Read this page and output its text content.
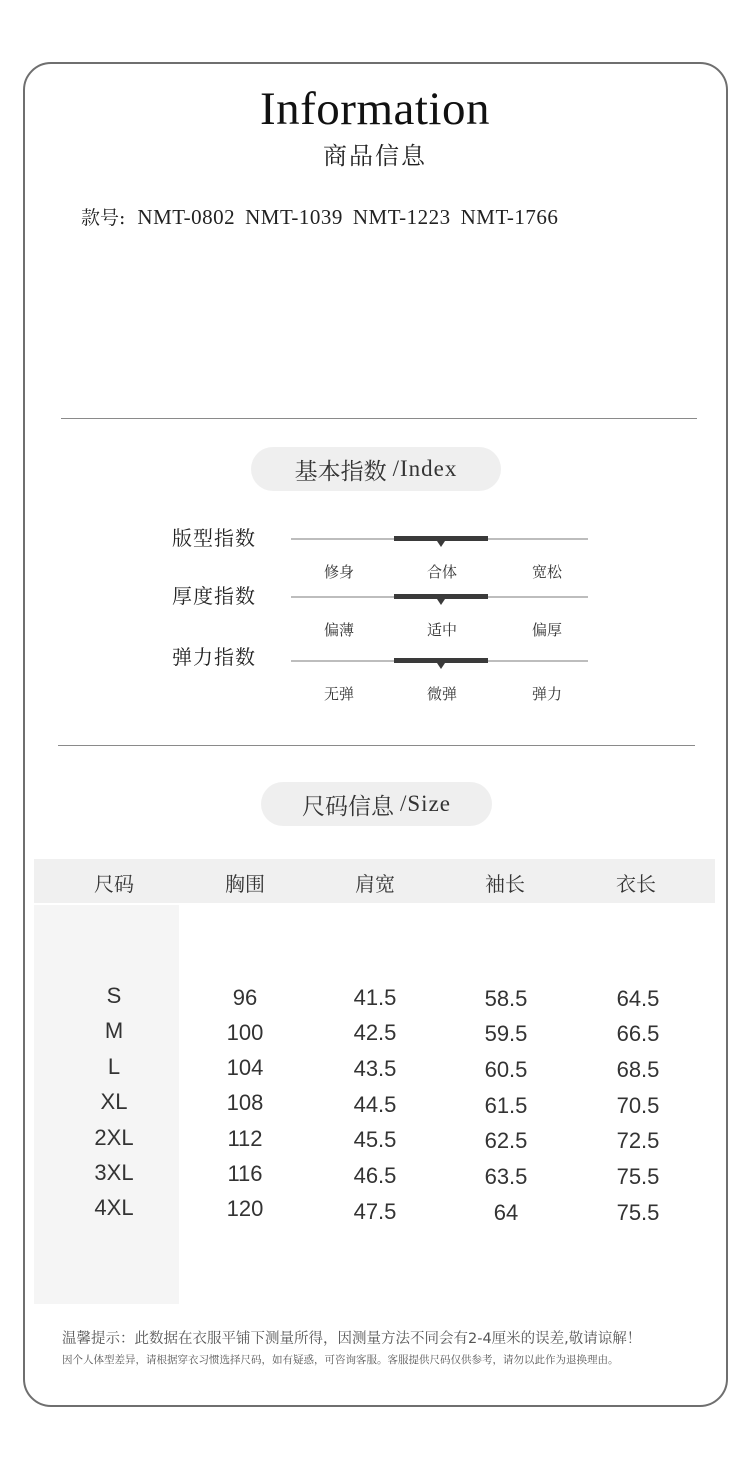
Information
商品信息
款号: NMT-0802 NMT-1039 NMT-1223 NMT-1766
基本指数 /Index
版型指数
修身	合体	宽松
厚度指数
偏薄	适中	偏厚
弹力指数
无弹	微弹	弹力
尺码信息 /Size
尺码	胸围	肩宽	袖长	衣长
S	96	41.5	58.5	64.5
M	100	42.5	59.5	66.5
L	104	43.5	60.5	68.5
XL	108	44.5	61.5	70.5
2XL	112	45.5	62.5	72.5
3XL	116	46.5	63.5	75.5
4XL	120	47.5	64	75.5
温馨提示：此数据在衣服平铺下测量所得，因测量方法不同会有2-4厘米的误差,敬请谅解！
因个人体型差异，请根据穿衣习惯选择尺码，如有疑惑，可咨询客服。客服提供尺码仅供参考，请勿以此作为退换理由。
